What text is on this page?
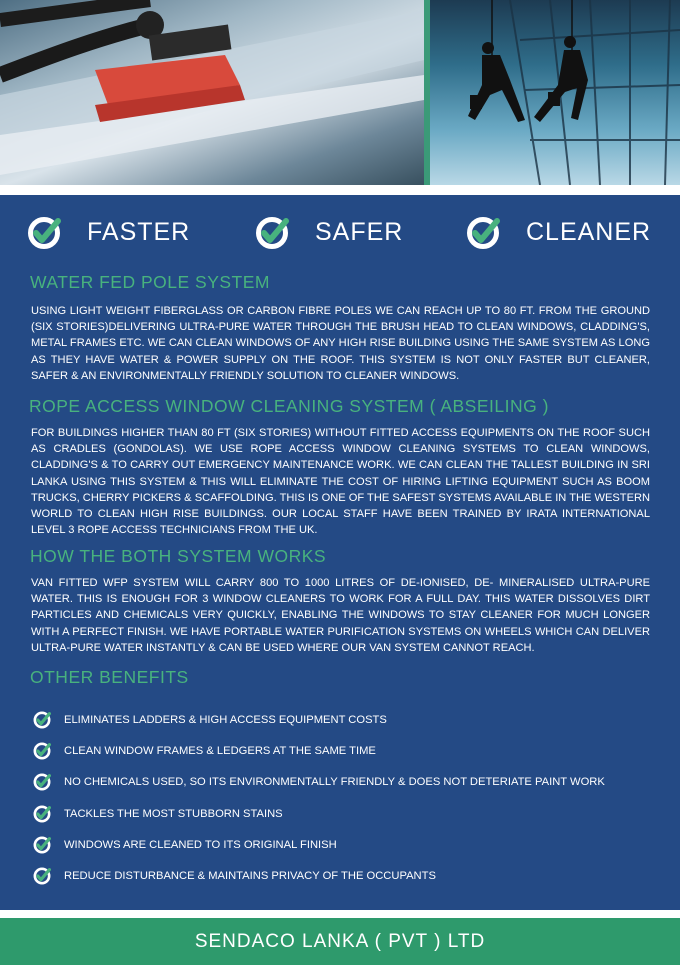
FASTER	SAFER	CLEANER
WATER FED POLE SYSTEM

USING LIGHT WEIGHT FIBERGLASS OR CARBON FIBRE POLES WE CAN REACH UP TO 80 FT. FROM THE GROUND (SIX STORIES)DELIVERING ULTRA-PURE WATER THROUGH THE BRUSH HEAD TO CLEAN WINDOWS, CLADDING'S, METAL FRAMES ETC. WE CAN CLEAN WINDOWS OF ANY HIGH RISE BUILDING USING THE SAME SYSTEM AS LONG AS THEY HAVE WATER & POWER SUPPLY ON THE ROOF. THIS SYSTEM IS NOT ONLY FASTER BUT CLEANER, SAFER & AN ENVIRONMENTALLY FRIENDLY SOLUTION TO CLEANER WINDOWS.

ROPE ACCESS WINDOW CLEANING SYSTEM ( ABSEILING )

FOR BUILDINGS HIGHER THAN 80 FT (SIX STORIES) WITHOUT FITTED ACCESS EQUIPMENTS ON THE ROOF SUCH AS CRADLES (GONDOLAS). WE USE ROPE ACCESS WINDOW CLEANING SYSTEMS TO CLEAN WINDOWS, CLADDING'S & TO CARRY OUT EMERGENCY MAINTENANCE WORK. WE CAN CLEAN THE TALLEST BUILDING IN SRI LANKA USING THIS SYSTEM & THIS WILL ELIMINATE THE COST OF HIRING LIFTING EQUIPMENT SUCH AS BOOM TRUCKS, CHERRY PICKERS & SCAFFOLDING. THIS IS ONE OF THE SAFEST SYSTEMS AVAILABLE IN THE WESTERN WORLD TO CLEAN HIGH RISE BUILDINGS. OUR LOCAL STAFF HAVE BEEN TRAINED BY IRATA INTERNATIONAL LEVEL 3 ROPE ACCESS TECHNICIANS FROM THE UK.

HOW THE BOTH SYSTEM WORKS

VAN FITTED WFP SYSTEM WILL CARRY 800 TO 1000 LITRES OF DE-IONISED, DE- MINERALISED ULTRA-PURE WATER. THIS IS ENOUGH FOR 3 WINDOW CLEANERS TO WORK FOR A FULL DAY. THIS WATER DISSOLVES DIRT PARTICLES AND CHEMICALS VERY QUICKLY, ENABLING THE WINDOWS TO STAY CLEANER FOR MUCH LONGER WITH A PERFECT FINISH. WE HAVE PORTABLE WATER PURIFICATION SYSTEMS ON WHEELS WHICH CAN DELIVER ULTRA-PURE WATER INSTANTLY & CAN BE USED WHERE OUR VAN SYSTEM CANNOT REACH.

OTHER BENEFITS
ELIMINATES LADDERS & HIGH ACCESS EQUIPMENT COSTS
CLEAN WINDOW FRAMES & LEDGERS AT THE SAME TIME
NO CHEMICALS USED, SO ITS ENVIRONMENTALLY FRIENDLY & DOES NOT DETERIATE PAINT WORK
TACKLES THE MOST STUBBORN STAINS
WINDOWS ARE CLEANED TO ITS ORIGINAL FINISH
REDUCE DISTURBANCE & MAINTAINS PRIVACY OF THE OCCUPANTS
SENDACO LANKA ( PVT ) LTD
